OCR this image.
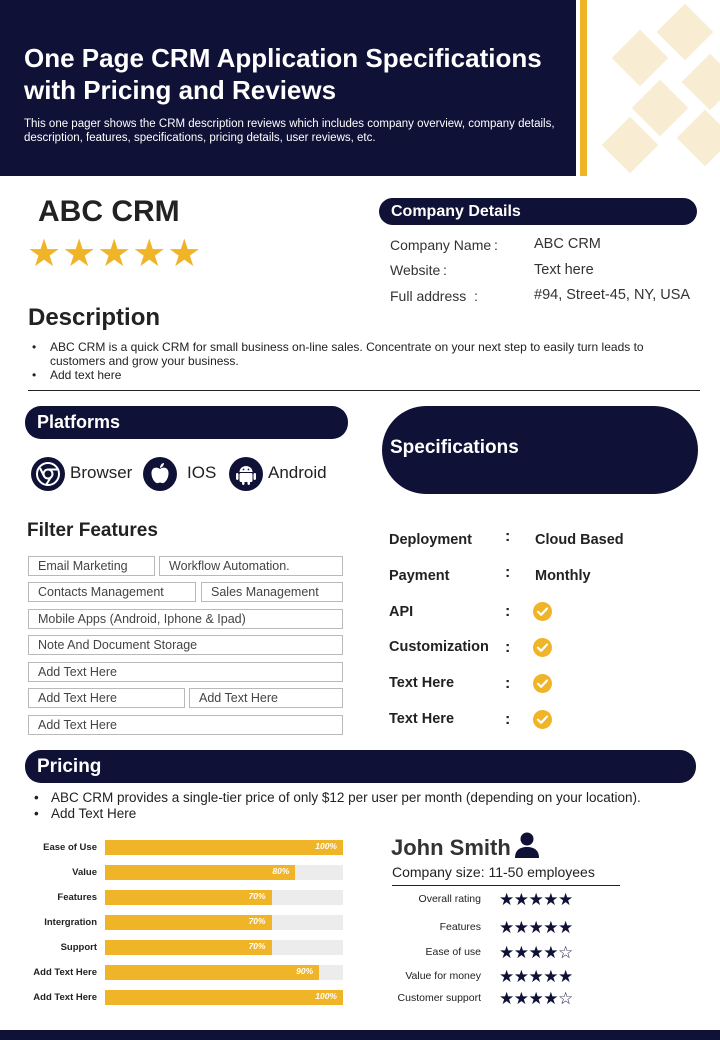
One Page CRM Application Specifications with Pricing and Reviews
This one pager shows the CRM description reviews which includes company overview, company details, description, features, specifications, pricing details, user reviews, etc.
ABC CRM
★★★★★
Company Details
Company Name : ABC CRM
Website :	Text here
Full address :	#94, Street-45, NY, USA
Description
• ABC CRM is a quick CRM for small business on-line sales. Concentrate on your next step to easily turn leads to customers and grow your business.
• Add text here
Platforms
Browser	IOS	Android
Specifications
Filter Features
Email Marketing	Workflow Automation.
Contacts Management	Sales Management
Mobile Apps (Android, Iphone & Ipad)
Note And Document Storage
Add Text Here
Add Text Here	Add Text Here
Add Text Here
Deployment : Cloud Based
Payment	: Monthly
API	:
Customization :
Text Here	:
Text Here	:
Pricing
• ABC CRM provides a single-tier price of only $12 per user per month (depending on your location).
• Add Text Here
John Smith
Company size: 11-50 employees
Ease of Use	100%
Value	80%
Features	70%
Intergration	70%
Support	70%
Add Text Here	90%
Add Text Here	100%
Overall rating ★★★★★
Features ★★★★★
Ease of use ★★★★☆
Value for money ★★★★★
Customer support ★★★★☆
